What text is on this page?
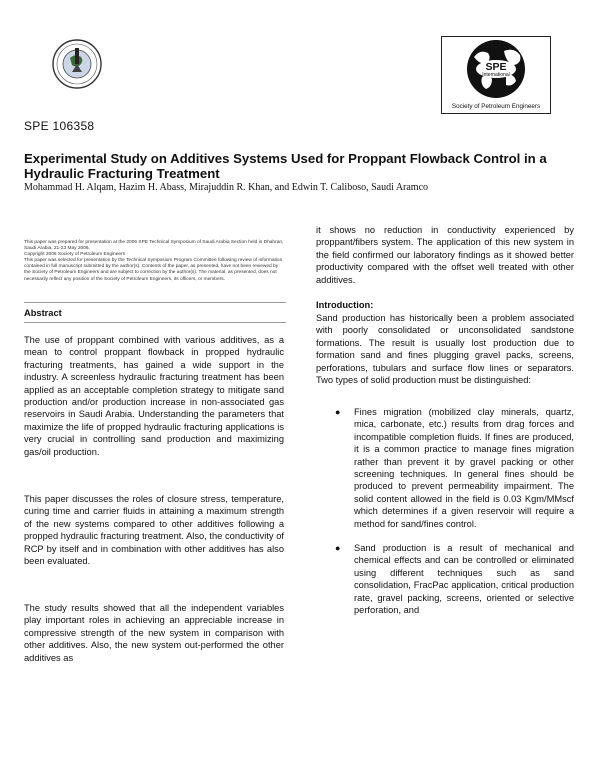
SPE
International
Society of Petroleum Engineers
SPE 106358
Experimental Study on Additives Systems Used for Proppant Flowback Control in a Hydraulic Fracturing Treatment
Mohammad H. Alqam, Hazim H. Abass, Mirajuddin R. Khan, and Edwin T. Caliboso, Saudi Aramco

This paper was prepared for presentation at the 2006 SPE Technical Symposium of Saudi Arabia Section held in Dhahran, Saudi Arabia, 21-23 May 2006.

Copyright 2006 Society of Petroleum Engineers

This paper was selected for presentation by the Technical Symposium Program Committee following review of information contained in full manuscript submitted by the author(s). Contents of the paper, as presented, have not been reviewed by the Society of Petroleum Engineers and are subject to correction by the author(s). The material, as presented, does not necessarily reflect any position of the Society of Petroleum Engineers, its officers, or members.

Abstract

The use of proppant combined with various additives, as a mean to control proppant flowback in propped hydraulic fracturing treatments, has gained a wide support in the industry. A screenless hydraulic fracturing treatment has been applied as an acceptable completion strategy to mitigate sand production and/or production increase in non-associated gas reservoirs in Saudi Arabia. Understanding the parameters that maximize the life of propped hydraulic fracturing applications is very crucial in controlling sand production and maximizing gas/oil production.

This paper discusses the roles of closure stress, temperature, curing time and carrier fluids in attaining a maximum strength of the new systems compared to other additives following a propped hydraulic fracturing treatment. Also, the conductivity of RCP by itself and in combination with other additives has also been evaluated.

The study results showed that all the independent variables play important roles in achieving an appreciable increase in compressive strength of the new system in comparison with other additives. Also, the new system out-performed the other additives as

it shows no reduction in conductivity experienced by proppant/fibers system. The application of this new system in the field confirmed our laboratory findings as it showed better productivity compared with the offset well treated with other additives.

Introduction:

Sand production has historically been a problem associated with poorly consolidated or unconsolidated sandstone formations. The result is usually lost production due to formation sand and fines plugging gravel packs, screens, perforations, tubulars and surface flow lines or separators. Two types of solid production must be distinguished:

● Fines migration (mobilized clay minerals, quartz, mica, carbonate, etc.) results from drag forces and incompatible completion fluids. If fines are produced, it is a common practice to manage fines migration rather than prevent it by gravel packing or other screening techniques. In general fines should be produced to prevent permeability impairment. The solid content allowed in the field is 0.03 Kgm/MMscf which determines if a given reservoir will require a method for sand/fines control.
● Sand production is a result of mechanical and chemical effects and can be controlled or eliminated using different techniques such as sand consolidation, FracPac application, critical production rate, gravel packing, screens, oriented or selective perforation, and
